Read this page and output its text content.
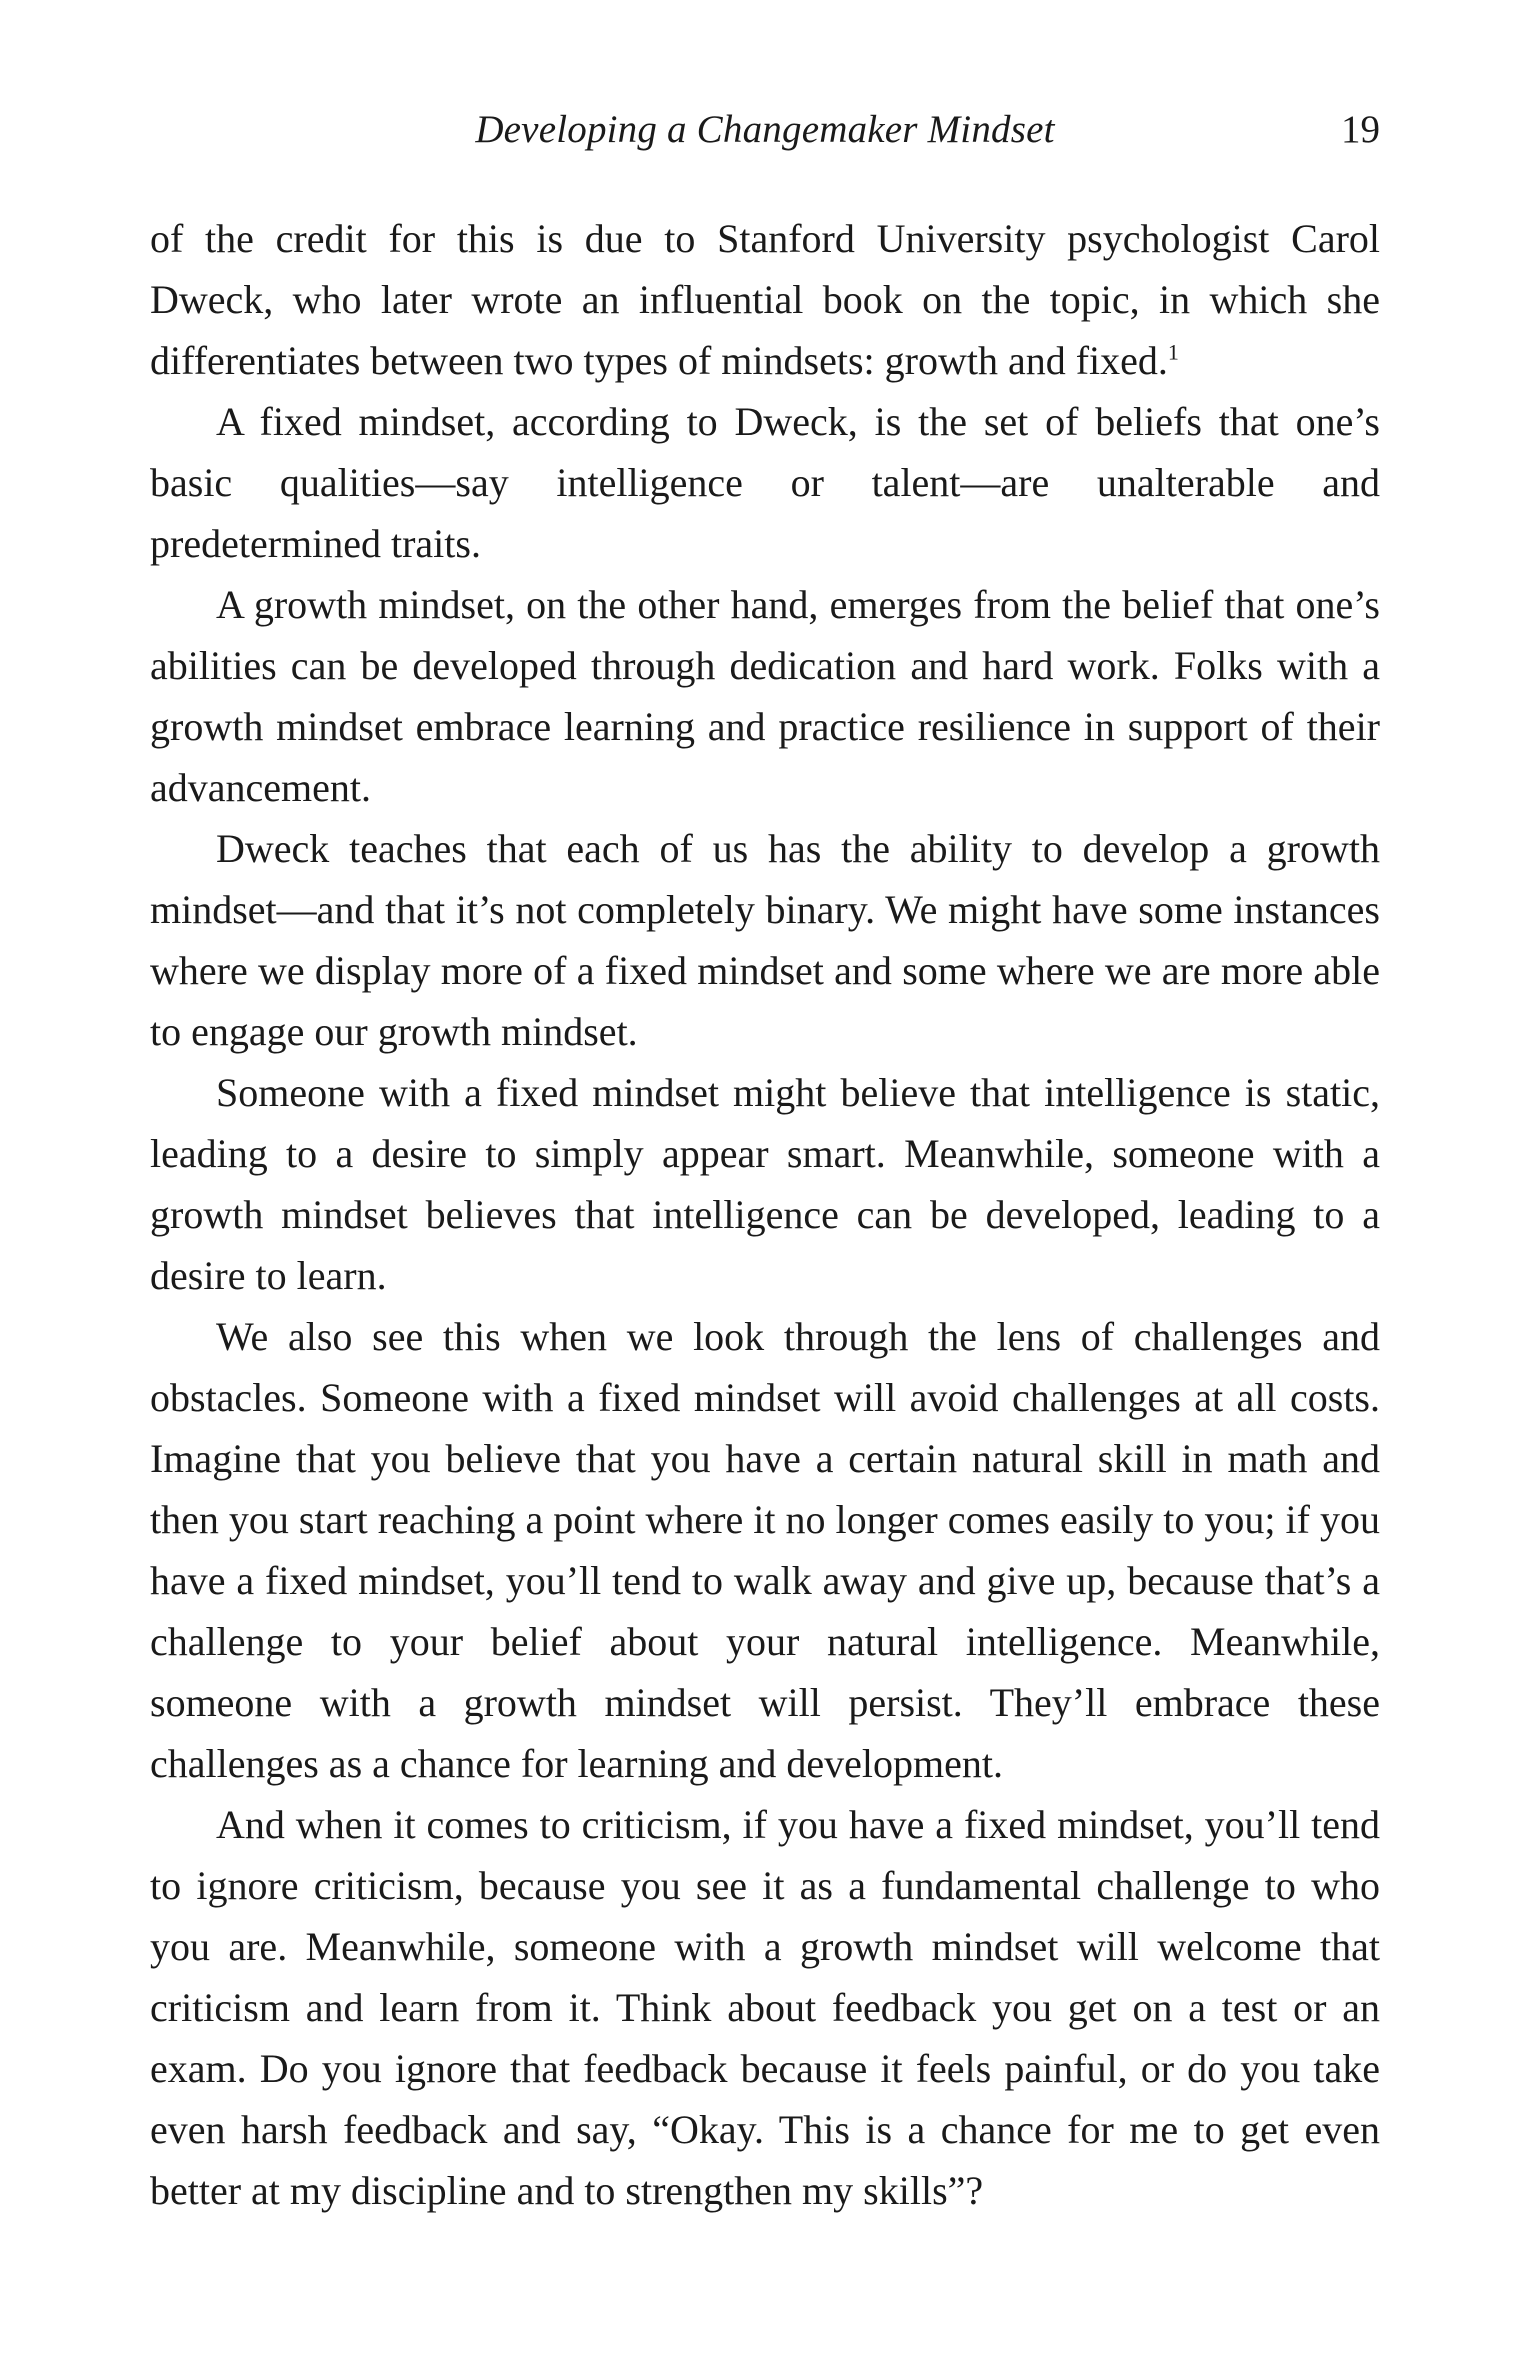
Developing a Changemaker Mindset	19

of the credit for this is due to Stanford University psychologist Carol Dweck, who later wrote an influential book on the topic, in which she differentiates between two types of mindsets: growth and fixed.$^1$

A fixed mindset, according to Dweck, is the set of beliefs that one’s basic qualities—say intelligence or talent—are unalterable and predetermined traits.

A growth mindset, on the other hand, emerges from the belief that one’s abilities can be developed through dedication and hard work. Folks with a growth mindset embrace learning and practice resilience in support of their advancement.

Dweck teaches that each of us has the ability to develop a growth mindset—and that it’s not completely binary. We might have some instances where we display more of a fixed mindset and some where we are more able to engage our growth mindset.

Someone with a fixed mindset might believe that intelligence is static, leading to a desire to simply appear smart. Meanwhile, someone with a growth mindset believes that intelligence can be developed, leading to a desire to learn.

We also see this when we look through the lens of challenges and obstacles. Someone with a fixed mindset will avoid challenges at all costs. Imagine that you believe that you have a certain natural skill in math and then you start reaching a point where it no longer comes easily to you; if you have a fixed mindset, you’ll tend to walk away and give up, because that’s a challenge to your belief about your natural intelligence. Meanwhile, someone with a growth mindset will persist. They’ll embrace these challenges as a chance for learning and development.

And when it comes to criticism, if you have a fixed mindset, you’ll tend to ignore criticism, because you see it as a fundamental challenge to who you are. Meanwhile, someone with a growth mindset will welcome that criticism and learn from it. Think about feedback you get on a test or an exam. Do you ignore that feedback because it feels painful, or do you take even harsh feedback and say, “Okay. This is a chance for me to get even better at my discipline and to strengthen my skills”?
